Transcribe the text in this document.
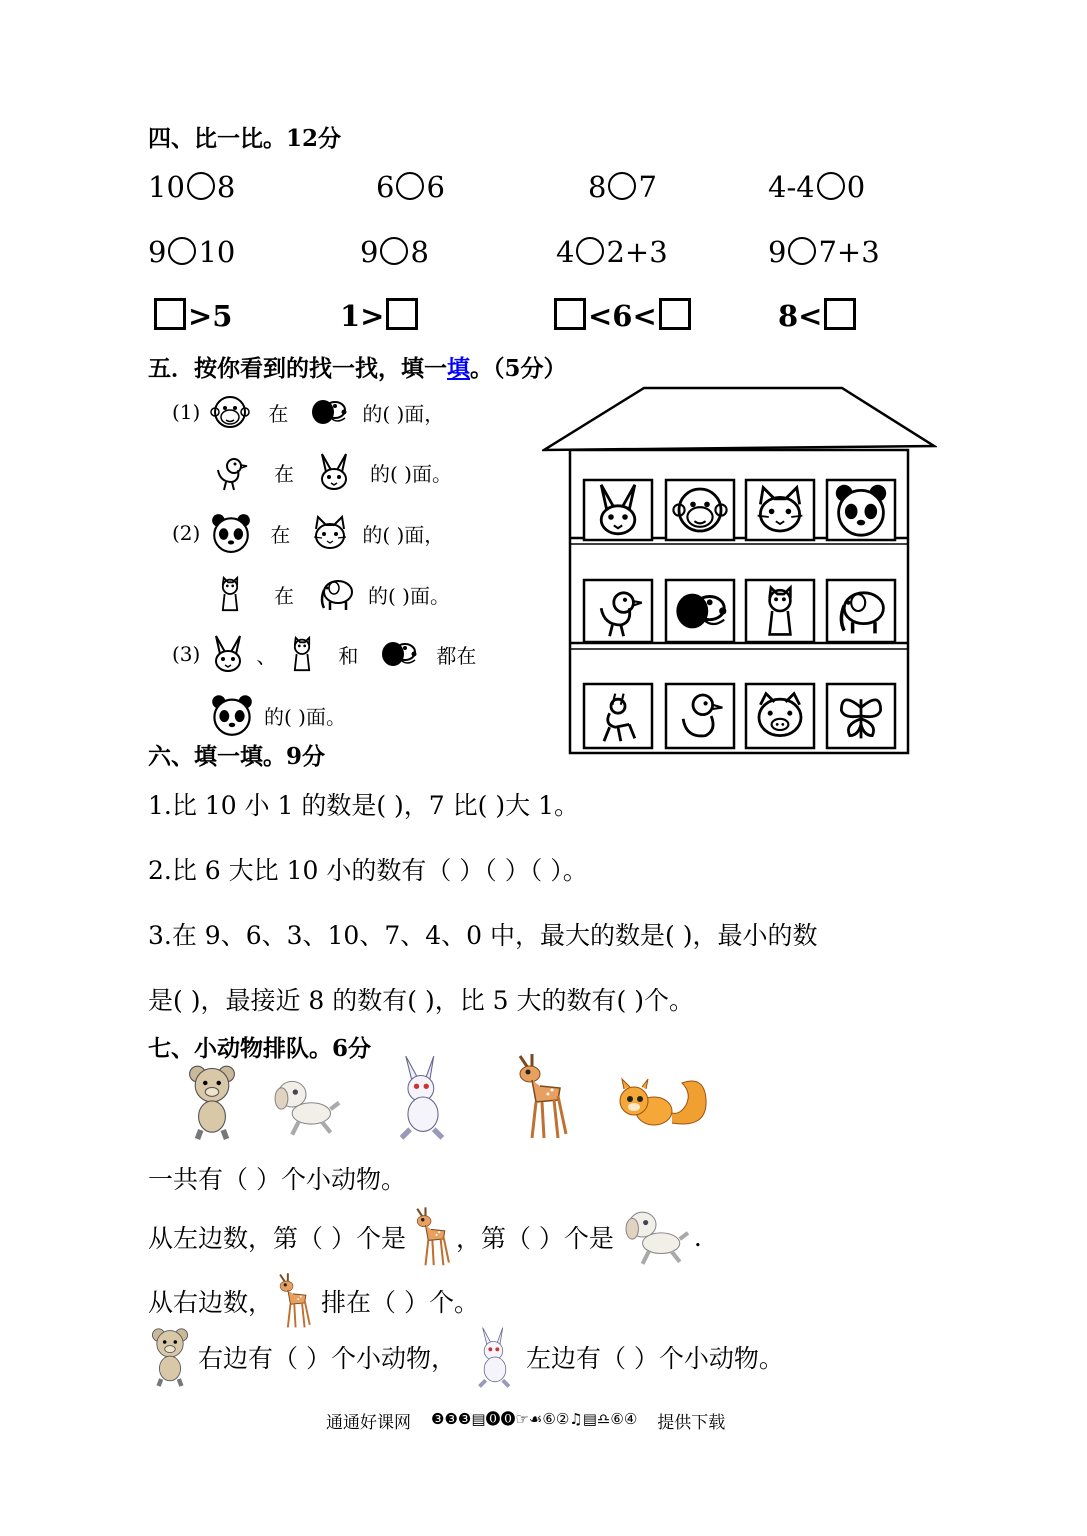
四、比一比。12分
10 8	6 6	8 7	4-4 0
9 10	9 8	4 2+3	9 7+3
>5	1>	<6<	8<
五．按你看到的找一找，填一填。（5分）
(1)	在	的( )面，
在	的( )面。
(2)	在	的( )面，
在	的( )面。
(3)	、	和	都在
的( )面。
六、填一填。9分
1.比 10 小 1 的数是( )，7 比( )大 1。
2.比 6 大比 10 小的数有（ ）（ ）（ ）。
3.在 9、6、3、10、7、4、0 中，最大的数是( )，最小的数
是( )，最接近 8 的数有( )，比 5 大的数有( )个。
七、小动物排队。6分
一共有（ ）个小动物。
从左边数，第（ ）个是 ，第（ ）个是	.
从右边数， 排在（ ）个。
右边有（ ）个小动物，	左边有（ ）个小动物。
通通好课网 ❸❸❸▤⓿⓿☞☙⑥②♫▤♎⑥④ 提供下载
